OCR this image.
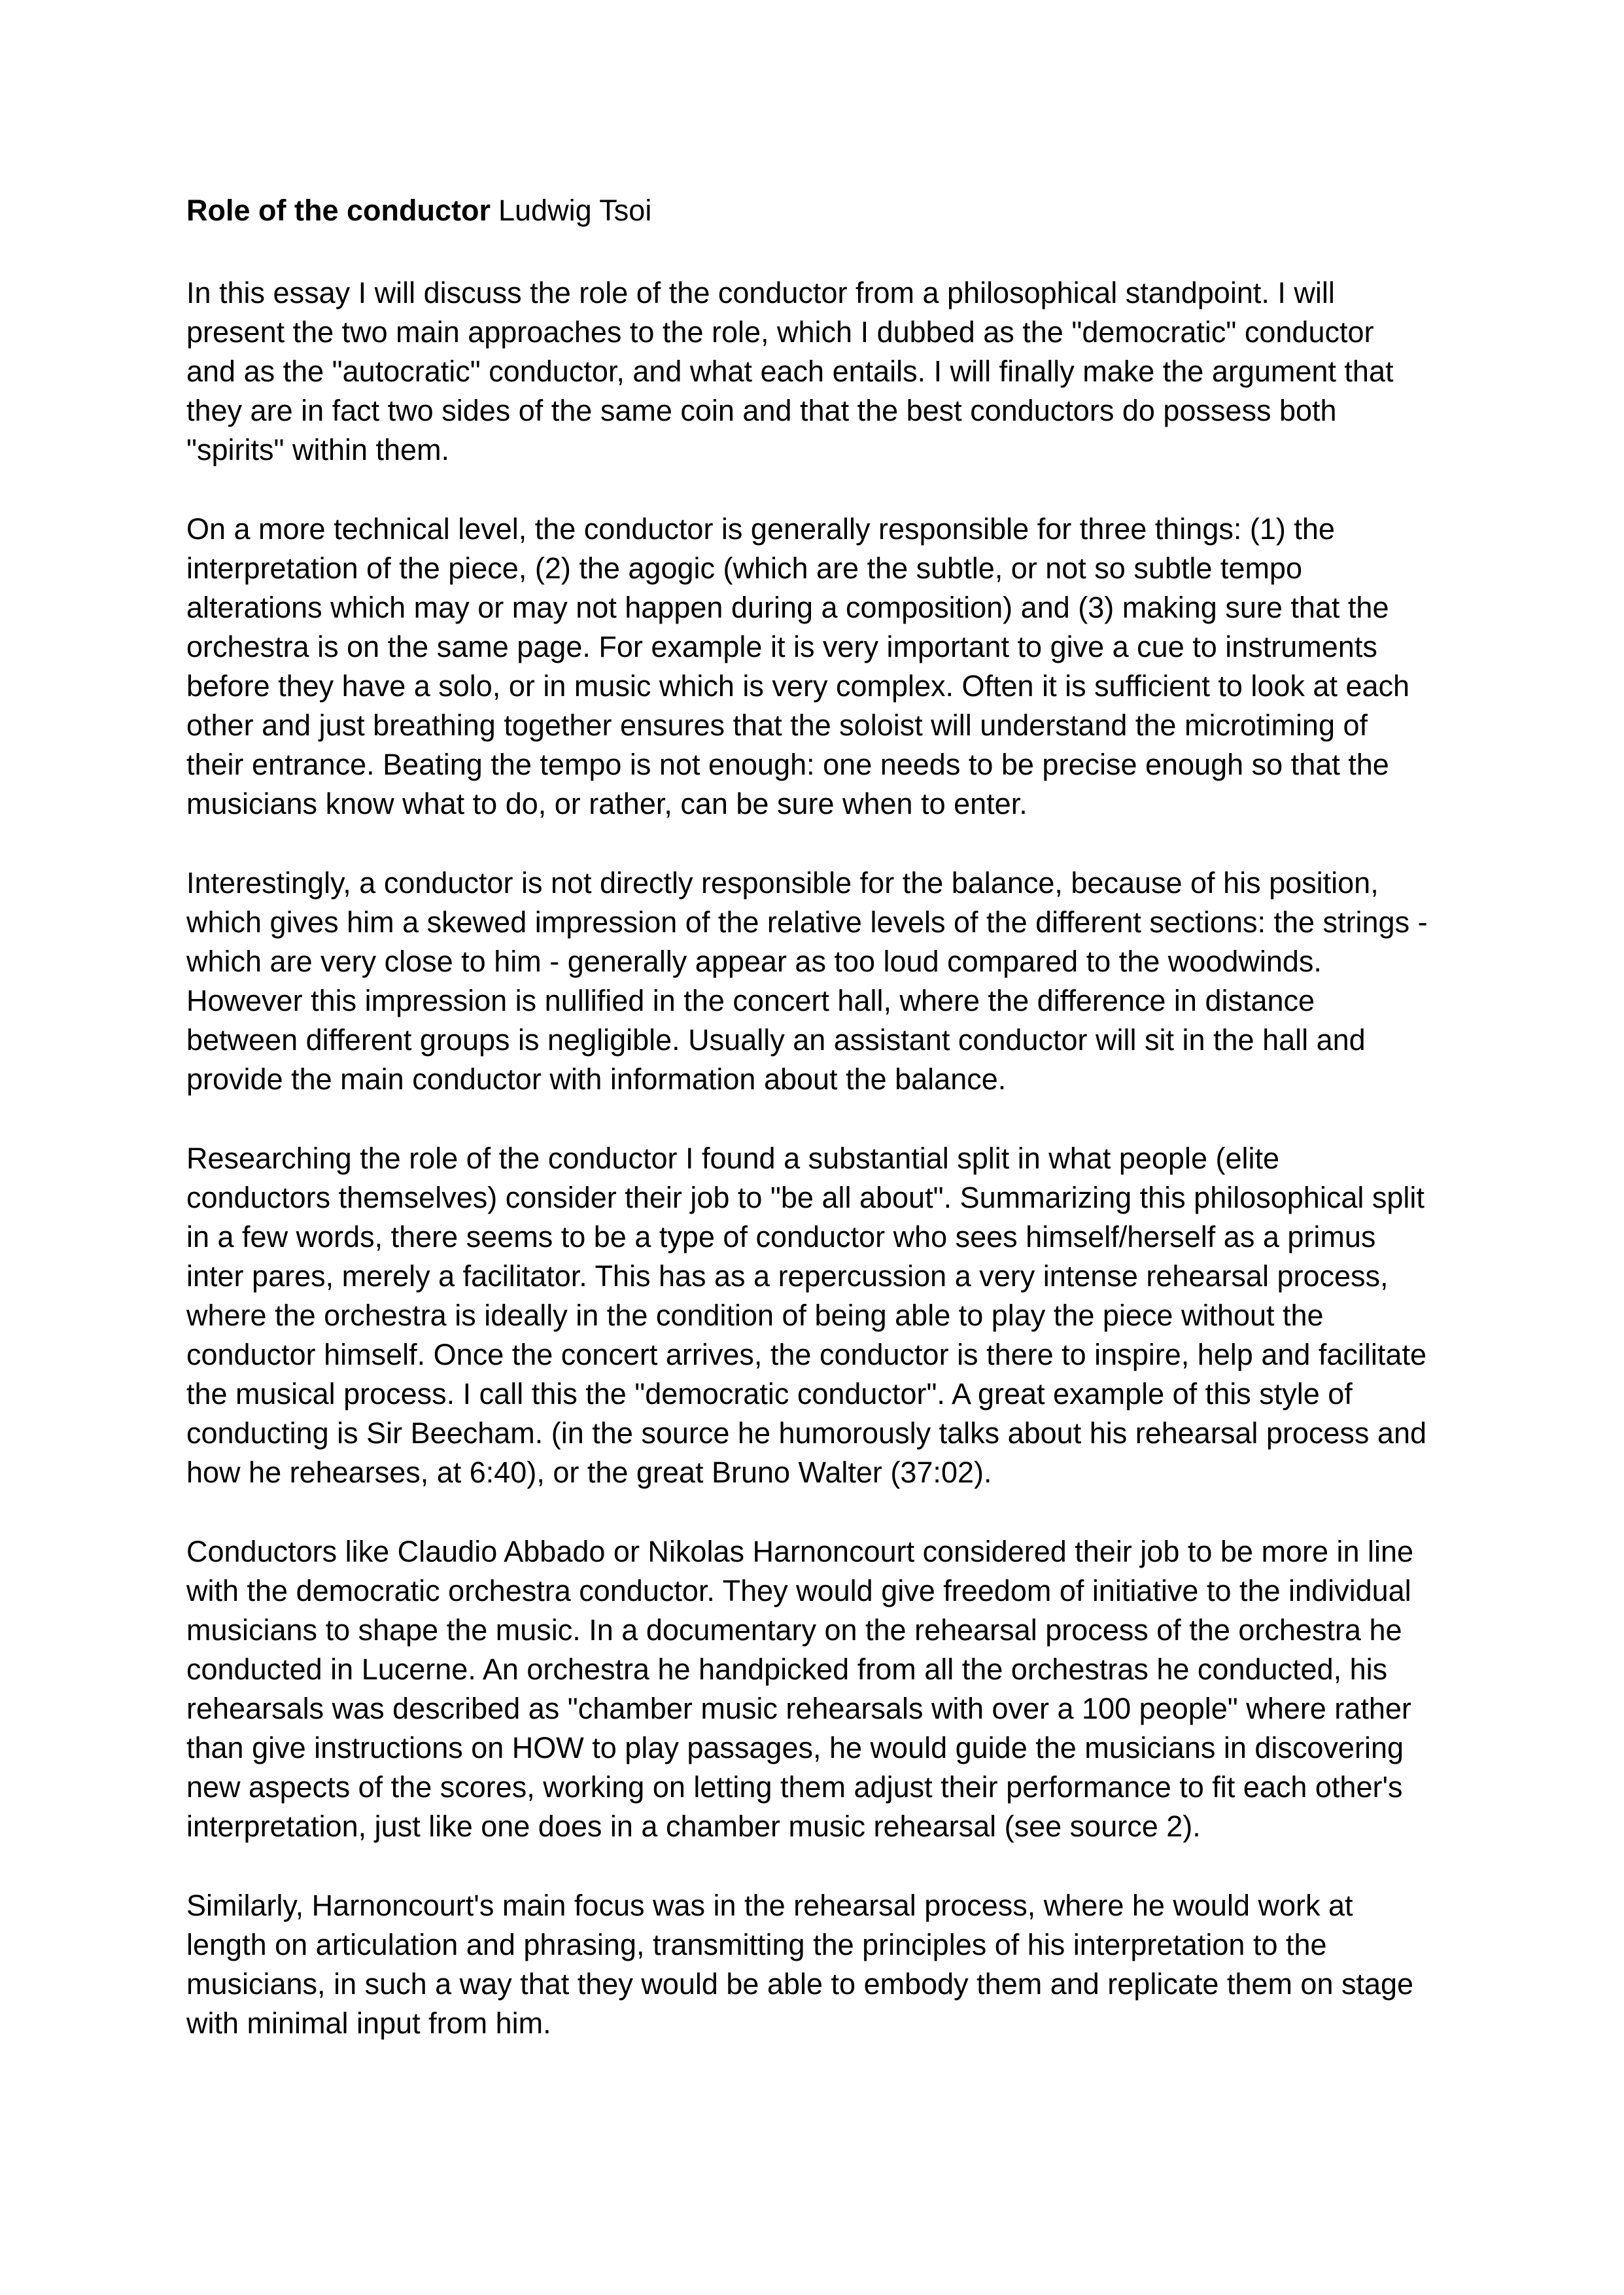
Role of the conductor Ludwig Tsoi

In this essay I will discuss the role of the conductor from a philosophical standpoint. I will present the two main approaches to the role, which I dubbed as the "democratic" conductor and as the "autocratic" conductor, and what each entails. I will finally make the argument that they are in fact two sides of the same coin and that the best conductors do possess both "spirits" within them.

On a more technical level, the conductor is generally responsible for three things: (1) the interpretation of the piece, (2) the agogic (which are the subtle, or not so subtle tempo alterations which may or may not happen during a composition) and (3) making sure that the orchestra is on the same page. For example it is very important to give a cue to instruments before they have a solo, or in music which is very complex. Often it is sufficient to look at each other and just breathing together ensures that the soloist will understand the microtiming of their entrance. Beating the tempo is not enough: one needs to be precise enough so that the musicians know what to do, or rather, can be sure when to enter.

Interestingly, a conductor is not directly responsible for the balance, because of his position, which gives him a skewed impression of the relative levels of the different sections: the strings - which are very close to him - generally appear as too loud compared to the woodwinds. However this impression is nullified in the concert hall, where the difference in distance between different groups is negligible. Usually an assistant conductor will sit in the hall and provide the main conductor with information about the balance.

Researching the role of the conductor I found a substantial split in what people (elite conductors themselves) consider their job to "be all about". Summarizing this philosophical split in a few words, there seems to be a type of conductor who sees himself/herself as a primus inter pares, merely a facilitator. This has as a repercussion a very intense rehearsal process, where the orchestra is ideally in the condition of being able to play the piece without the conductor himself. Once the concert arrives, the conductor is there to inspire, help and facilitate the musical process. I call this the "democratic conductor". A great example of this style of conducting is Sir Beecham. (in the source he humorously talks about his rehearsal process and how he rehearses, at 6:40), or the great Bruno Walter (37:02).

Conductors like Claudio Abbado or Nikolas Harnoncourt considered their job to be more in line with the democratic orchestra conductor. They would give freedom of initiative to the individual musicians to shape the music. In a documentary on the rehearsal process of the orchestra he conducted in Lucerne. An orchestra he handpicked from all the orchestras he conducted, his rehearsals was described as "chamber music rehearsals with over a 100 people" where rather than give instructions on HOW to play passages, he would guide the musicians in discovering new aspects of the scores, working on letting them adjust their performance to fit each other's interpretation, just like one does in a chamber music rehearsal (see source 2).

Similarly, Harnoncourt's main focus was in the rehearsal process, where he would work at length on articulation and phrasing, transmitting the principles of his interpretation to the musicians, in such a way that they would be able to embody them and replicate them on stage with minimal input from him.
